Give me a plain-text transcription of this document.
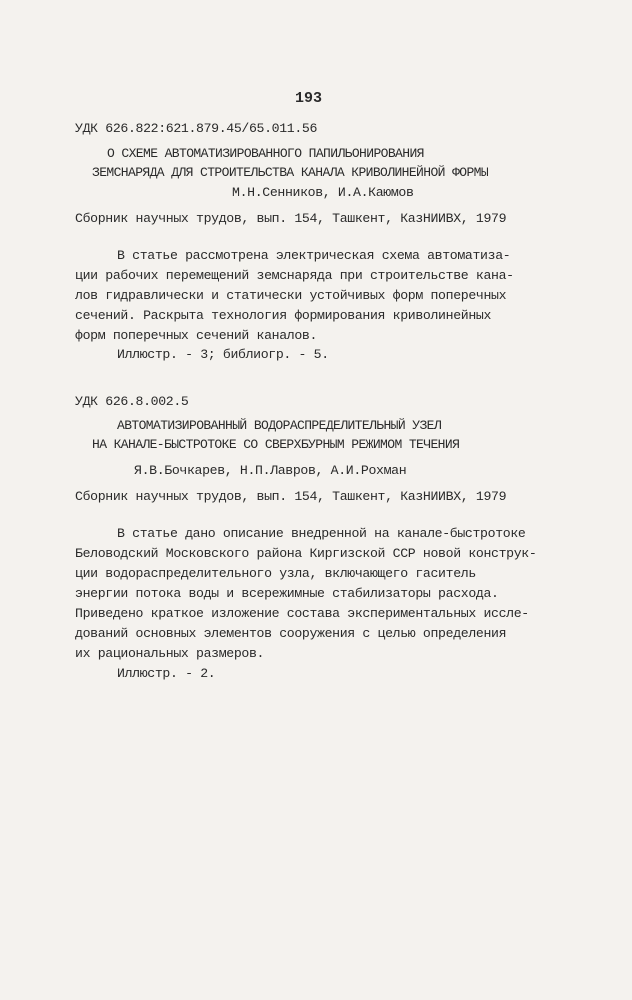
193
УДК 626.822:621.879.45/65.011.56
О СХЕМЕ АВТОМАТИЗИРОВАННОГО ПАПИЛЬОНИРОВАНИЯ
ЗЕМСНАРЯДА ДЛЯ СТРОИТЕЛЬСТВА КАНАЛА КРИВОЛИНЕЙНОЙ ФОРМЫ
М.Н.Сенников, И.А.Каюмов
Сборник научных трудов, вып. 154, Ташкент, КазНИИВХ, 1979
В статье рассмотрена электрическая схема автоматиза-
ции рабочих перемещений земснаряда при строительстве кана-
лов гидравлически и статически устойчивых форм поперечных
сечений. Раскрыта технология формирования криволинейных
форм поперечных сечений каналов.
Иллюстр. - 3; библиогр. - 5.
УДК 626.8.002.5
АВТОМАТИЗИРОВАННЫЙ ВОДОРАСПРЕДЕЛИТЕЛЬНЫЙ УЗЕЛ
НА КАНАЛЕ-БЫСТРОТОКЕ СО СВЕРХБУРНЫМ РЕЖИМОМ ТЕЧЕНИЯ
Я.В.Бочкарев, Н.П.Лавров, А.И.Рохман
Сборник научных трудов, вып. 154, Ташкент, КазНИИВХ, 1979
В статье дано описание внедренной на канале-быстротоке
Беловодский Московского района Киргизской ССР новой конструк-
ции водораспределительного узла, включающего гаситель
энергии потока воды и всережимные стабилизаторы расхода.
Приведено краткое изложение состава экспериментальных иссле-
дований основных элементов сооружения с целью определения
их рациональных размеров.
Иллюстр. - 2.
